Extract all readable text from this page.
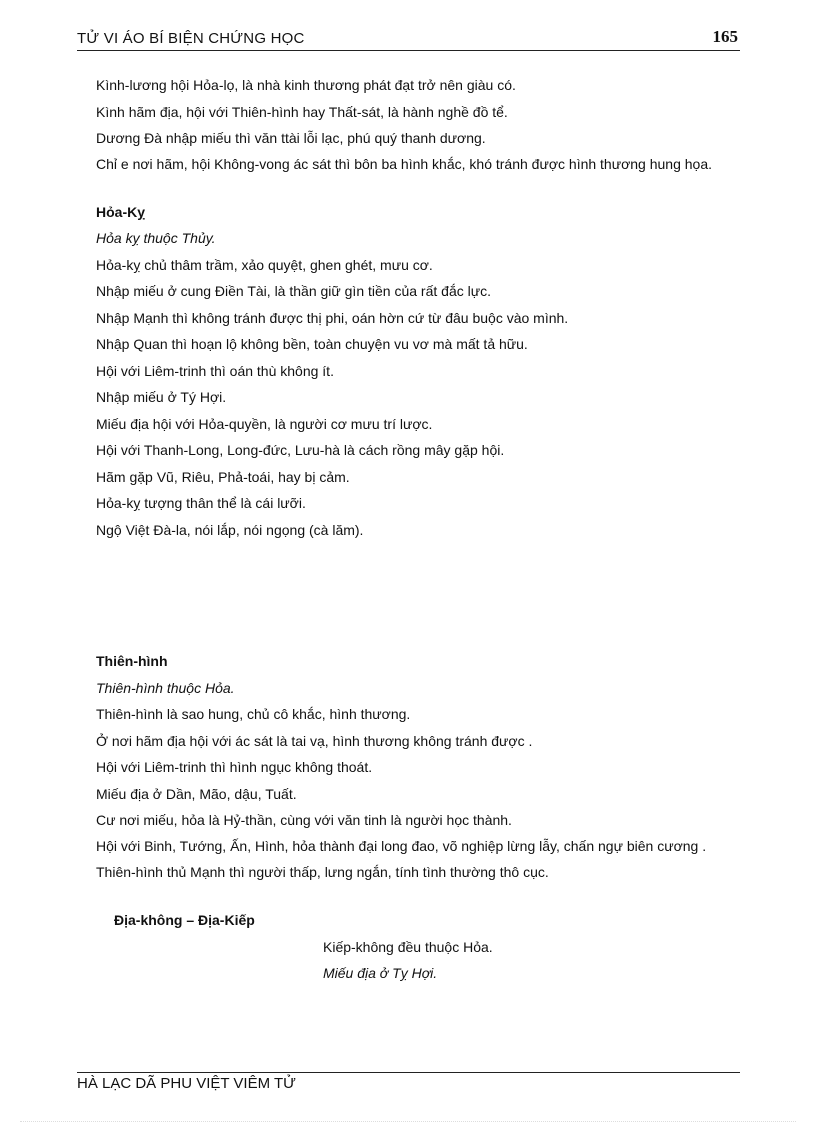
TỬ VI ÁO BÍ BIỆN CHỨNG HỌC	165

Kình-lương hội Hỏa-lọ, là nhà kinh thương phát đạt trở nên giàu có.

Kình hãm địa, hội với Thiên-hình hay Thất-sát, là hành nghề đồ tể.

Dương Đà nhập miếu thì văn ttài lỗi lạc, phú quý thanh dương.

Chỉ e nơi hãm, hội Không-vong ác sát thì bôn ba hình khắc, khó tránh được hình thương hung họa.

Hỏa-Kỵ

Hỏa kỵ thuộc Thủy.

Hỏa-kỵ chủ thâm trầm, xảo quyệt, ghen ghét, mưu cơ.

Nhập miếu ở cung Điền Tài, là thần giữ gìn tiền của rất đắc lực.

Nhập Mạnh thì không tránh được thị phi, oán hờn cứ từ đâu buộc vào mình.

Nhập Quan thì hoạn lộ không bền, toàn chuyện vu vơ mà mất tả hữu.

Hội với Liêm-trinh thì oán thù không ít.

Nhập miếu ở Tý Hợi.

Miếu địa hội với Hỏa-quyền, là người cơ mưu trí lược.

Hội với Thanh-Long, Long-đức, Lưu-hà là cách rồng mây gặp hội.

Hãm gặp Vũ, Riêu, Phả-toái, hay bị cảm.

Hỏa-kỵ tượng thân thể là cái lưỡi.

Ngộ Việt Đà-la, nói lắp, nói ngọng (cà lăm).

Thiên-hình

Thiên-hình thuộc Hỏa.

Thiên-hình là sao hung, chủ cô khắc, hình thương.

Ở nơi hãm địa hội với ác sát là tai vạ, hình thương không tránh được .

Hội với Liêm-trinh thì hình ngục không thoát.

Miếu địa ở Dần, Mão, dậu, Tuất.

Cư nơi miếu, hỏa là Hỷ-thần, cùng với văn tinh là người học thành.

Hội với Binh, Tướng, Ấn, Hình, hỏa thành đại long đao, võ nghiệp lừng lẫy, chấn ngự biên cương .

Thiên-hình thủ Mạnh thì người thấp, lưng ngắn, tính tình thường thô cục.

Địa-không – Địa-Kiếp

Kiếp-không đều thuộc Hỏa.

Miếu địa ở Tỵ Hợi.

HÀ LẠC DÃ PHU VIỆT VIÊM TỬ
